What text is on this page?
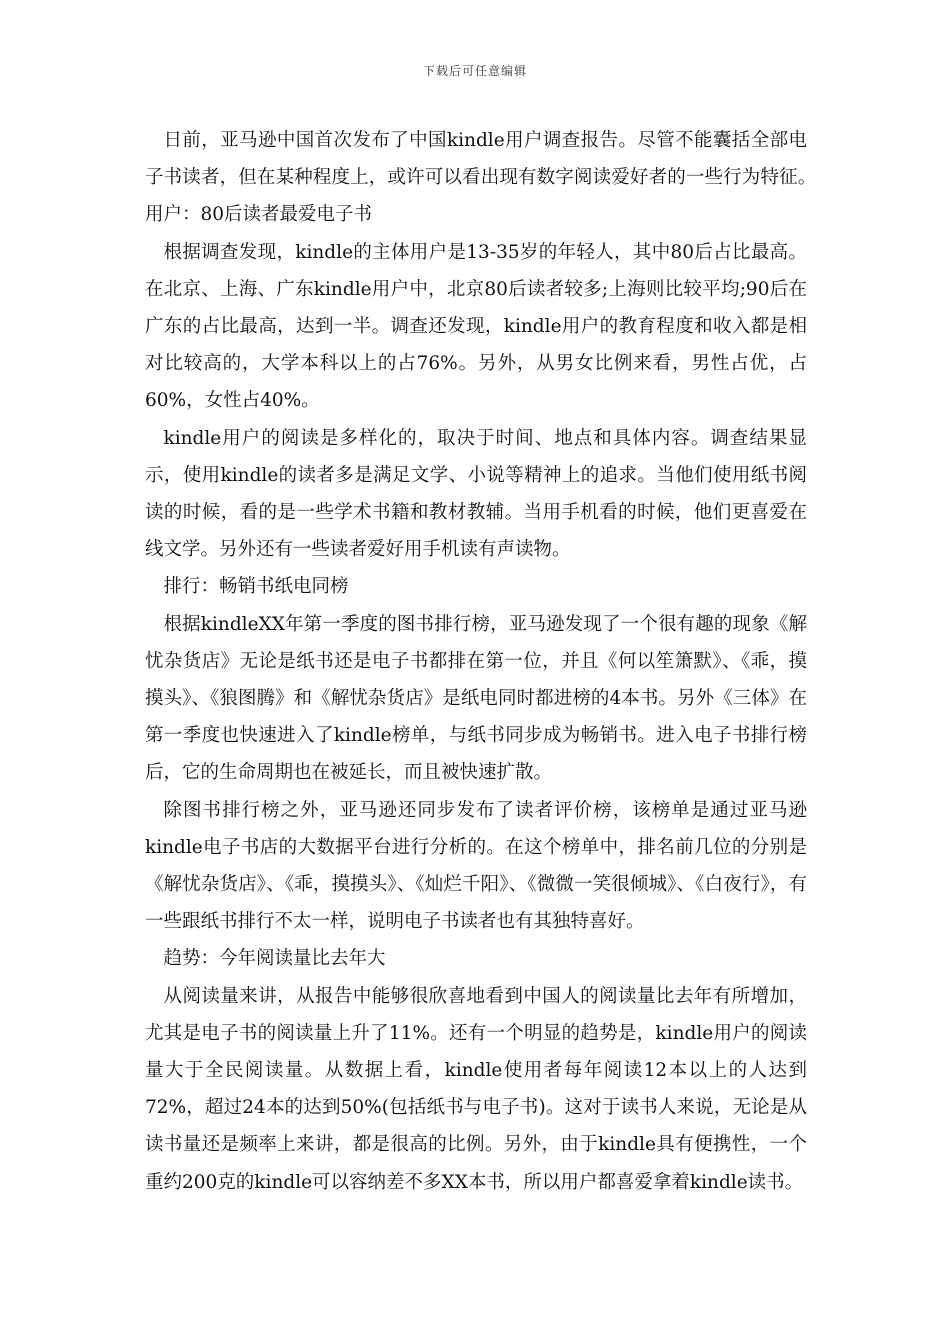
下载后可任意编辑

日前，亚马逊中国首次发布了中国kindle用户调查报告。尽管不能囊括全部电子书读者，但在某种程度上，或许可以看出现有数字阅读爱好者的一些行为特征。　用户：80后读者最爱电子书

根据调查发现，kindle的主体用户是13-35岁的年轻人，其中80后占比最高。在北京、上海、广东kindle用户中，北京80后读者较多;上海则比较平均;90后在广东的占比最高，达到一半。调查还发现，kindle用户的教育程度和收入都是相对比较高的，大学本科以上的占76%。另外，从男女比例来看，男性占优，占60%，女性占40%。

kindle用户的阅读是多样化的，取决于时间、地点和具体内容。调查结果显示，使用kindle的读者多是满足文学、小说等精神上的追求。当他们使用纸书阅读的时候，看的是一些学术书籍和教材教辅。当用手机看的时候，他们更喜爱在线文学。另外还有一些读者爱好用手机读有声读物。

排行：畅销书纸电同榜

根据kindleXX年第一季度的图书排行榜，亚马逊发现了一个很有趣的现象《解忧杂货店》无论是纸书还是电子书都排在第一位，并且《何以笙箫默》、《乖，摸摸头》、《狼图腾》和《解忧杂货店》是纸电同时都进榜的4本书。另外《三体》在第一季度也快速进入了kindle榜单，与纸书同步成为畅销书。进入电子书排行榜后，它的生命周期也在被延长，而且被快速扩散。

除图书排行榜之外，亚马逊还同步发布了读者评价榜，该榜单是通过亚马逊kindle电子书店的大数据平台进行分析的。在这个榜单中，排名前几位的分别是《解忧杂货店》、《乖，摸摸头》、《灿烂千阳》、《微微一笑很倾城》、《白夜行》，有一些跟纸书排行不太一样，说明电子书读者也有其独特喜好。

趋势：今年阅读量比去年大

从阅读量来讲，从报告中能够很欣喜地看到中国人的阅读量比去年有所增加，尤其是电子书的阅读量上升了11%。还有一个明显的趋势是，kindle用户的阅读量大于全民阅读量。从数据上看，kindle使用者每年阅读12本以上的人达到72%，超过24本的达到50%(包括纸书与电子书)。这对于读书人来说，无论是从读书量还是频率上来讲，都是很高的比例。另外，由于kindle具有便携性，一个重约200克的kindle可以容纳差不多XX本书，所以用户都喜爱拿着kindle读书。
